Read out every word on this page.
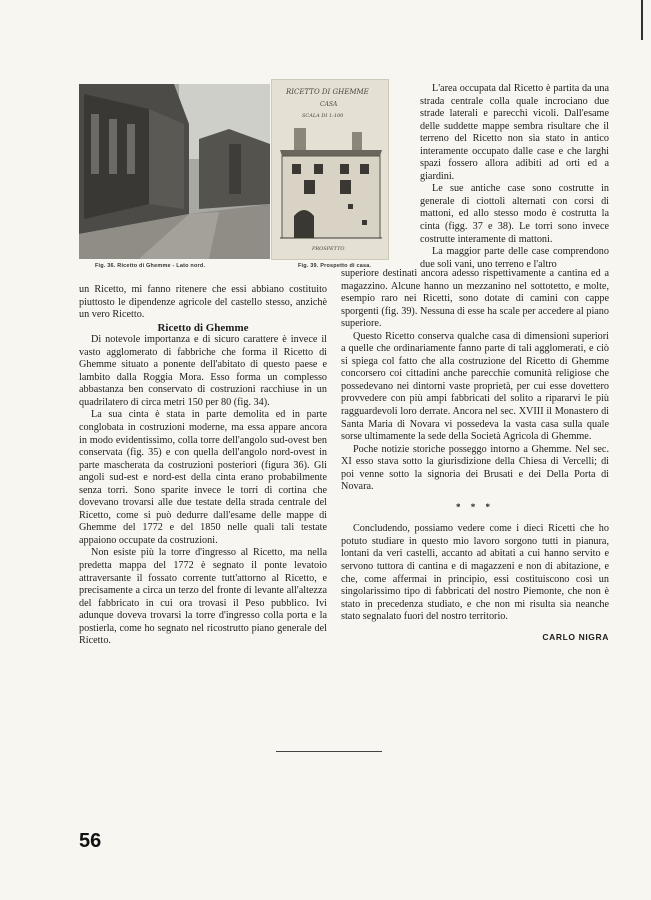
RICETTO DI GHEMME
CASA
SCALA DI 1:100
PROSPETTO
Fig. 36. Ricetto di Ghemme - Lato nord.	Fig. 39. Prospetto di casa.

L'area occupata dal Ricetto è partita da una strada centrale colla quale incrociano due strade laterali e parecchi vicoli. Dall'esame delle suddette mappe sembra risultare che il terreno del Ricetto non sia stato in antico interamente occupato dalle case e che larghi spazi fossero allora adibiti ad orti ed a giardini.

Le sue antiche case sono costrutte in generale di ciottoli alternati con corsi di mattoni, ed allo stesso modo è costrutta la cinta (figg. 37 e 38). Le torri sono invece costrutte interamente di mattoni.

La maggior parte delle case comprendono due soli vani, uno terreno e l'altro

superiore destinati ancora adesso rispettivamente a cantina ed a magazzino. Alcune hanno un mezzanino nel sottotetto, e molte, esempio raro nei Ricetti, sono dotate di camini con cappe sporgenti (fig. 39). Nessuna di esse ha scale per accedere al piano superiore.

Questo Ricetto conserva qualche casa di dimensioni superiori a quelle che ordinariamente fanno parte di tali agglomerati, e ciò si spiega col fatto che alla costruzione del Ricetto di Ghemme concorsero coi cittadini anche parecchie comunità religiose che possedevano nei dintorni vaste proprietà, per cui esse dovettero provvedere con più ampi fabbricati del solito a ripararvi le più ragguardevoli loro derrate. Ancora nel sec. XVIII il Monastero di Santa Maria di Novara vi possedeva la vasta casa sulla quale sorse ultimamente la sede della Società Agricola di Ghemme.

Poche notizie storiche posseggo intorno a Ghemme. Nel sec. XI esso stava sotto la giurisdizione della Chiesa di Vercelli; di poi venne sotto la signoria dei Brusati e dei Della Porta di Novara.

* * *

Concludendo, possiamo vedere come i dieci Ricetti che ho potuto studiare in questo mio lavoro sorgono tutti in pianura, lontani da veri castelli, accanto ad abitati a cui hanno servito e servono tuttora di cantina e di magazzeni e non di abitazione, e che, come affermai in principio, essi costituiscono così un singolarissimo tipo di fabbricati del nostro Piemonte, che non è stato in precedenza studiato, e che non mi risulta sia neanche stato segnalato fuori del nostro territorio.

CARLO NIGRA

un Ricetto, mi fanno ritenere che essi abbiano costituito piuttosto le dipendenze agricole del castello stesso, anzichè un vero Ricetto.

Ricetto di Ghemme

Di notevole importanza e di sicuro carattere è invece il vasto agglomerato di fabbriche che forma il Ricetto di Ghemme situato a ponente dell'abitato di questo paese e lambito dalla Roggia Mora. Esso forma un complesso abbastanza ben conservato di costruzioni racchiuse in un quadrilatero di circa metri 150 per 80 (fig. 34).

La sua cinta è stata in parte demolita ed in parte conglobata in costruzioni moderne, ma essa appare ancora in modo evidentissimo, colla torre dell'angolo sud-ovest ben conservata (fig. 35) e con quella dell'angolo nord-ovest in parte mascherata da costruzioni posteriori (figura 36). Gli angoli sud-est e nord-est della cinta erano probabilmente senza torri. Sono sparite invece le torri di cortina che dovevano trovarsi alle due testate della strada centrale del Ricetto, come si può dedurre dall'esame delle mappe di Ghemme del 1772 e del 1850 nelle quali tali testate appaiono occupate da costruzioni.

Non esiste più la torre d'ingresso al Ricetto, ma nella predetta mappa del 1772 è segnato il ponte levatoio attraversante il fossato corrente tutt'attorno al Ricetto, e precisamente a circa un terzo del fronte di levante all'altezza del fabbricato in cui ora trovasi il Peso pubblico. Ivi adunque doveva trovarsi la torre d'ingresso colla porta e la postierla, come ho segnato nel ricostrutto piano generale del Ricetto.

56
